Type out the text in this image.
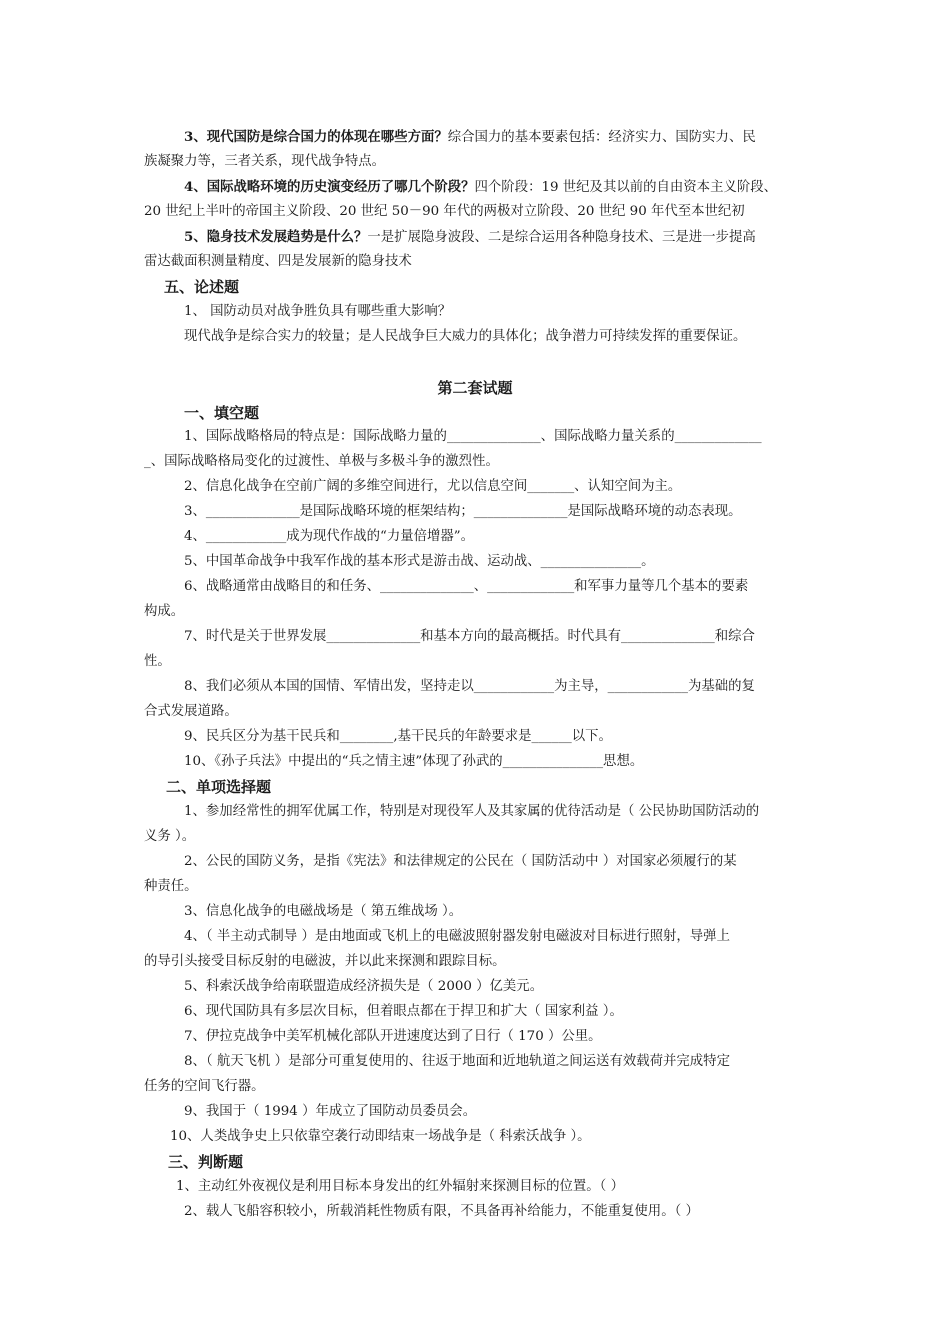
3、现代国防是综合国力的体现在哪些方面？综合国力的基本要素包括：经济实力、国防实力、民
族凝聚力等，三者关系，现代战争特点。
4、国际战略环境的历史演变经历了哪几个阶段？四个阶段：19 世纪及其以前的自由资本主义阶段、
20 世纪上半叶的帝国主义阶段、20 世纪 50－90 年代的两极对立阶段、20 世纪 90 年代至本世纪初
5、隐身技术发展趋势是什么？一是扩展隐身波段、二是综合运用各种隐身技术、三是进一步提高
雷达截面积测量精度、四是发展新的隐身技术
五、论述题
1、 国防动员对战争胜负具有哪些重大影响？
现代战争是综合实力的较量；是人民战争巨大威力的具体化；战争潜力可持续发挥的重要保证。
第二套试题
一、填空题
1、国际战略格局的特点是：国际战略力量的______________、国际战略力量关系的_____________
_、国际战略格局变化的过渡性、单极与多极斗争的激烈性。
2、信息化战争在空前广阔的多维空间进行，尤以信息空间_______、认知空间为主。
3、______________是国际战略环境的框架结构；______________是国际战略环境的动态表现。
4、____________成为现代作战的“力量倍增器”。
5、中国革命战争中我军作战的基本形式是游击战、运动战、_______________。
6、战略通常由战略目的和任务、______________、_____________和军事力量等几个基本的要素
构成。
7、时代是关于世界发展______________和基本方向的最高概括。时代具有______________和综合
性。
8、我们必须从本国的国情、军情出发，坚持走以____________为主导，____________为基础的复
合式发展道路。
9、民兵区分为基干民兵和________,基干民兵的年龄要求是______以下。
10、《孙子兵法》中提出的“兵之情主速”体现了孙武的_______________思想。
二、单项选择题
1、参加经常性的拥军优属工作，特别是对现役军人及其家属的优待活动是（ 公民协助国防活动的
义务 ）。
2、公民的国防义务，是指《宪法》和法律规定的公民在（ 国防活动中 ）对国家必须履行的某
种责任。
3、信息化战争的电磁战场是（ 第五维战场 ）。
4、（ 半主动式制导 ）是由地面或飞机上的电磁波照射器发射电磁波对目标进行照射，导弹上
的导引头接受目标反射的电磁波，并以此来探测和跟踪目标。
5、科索沃战争给南联盟造成经济损失是（ 2000 ）亿美元。
6、现代国防具有多层次目标，但着眼点都在于捍卫和扩大（ 国家利益 ）。
7、伊拉克战争中美军机械化部队开进速度达到了日行（ 170 ）公里。
8、（ 航天飞机 ）是部分可重复使用的、往返于地面和近地轨道之间运送有效载荷并完成特定
任务的空间飞行器。
9、我国于（ 1994 ）年成立了国防动员委员会。
10、人类战争史上只依靠空袭行动即结束一场战争是（ 科索沃战争 ）。
三、判断题
1、主动红外夜视仪是利用目标本身发出的红外辐射来探测目标的位置。（ ）
2、载人飞船容积较小，所载消耗性物质有限，不具备再补给能力，不能重复使用。（ ）
